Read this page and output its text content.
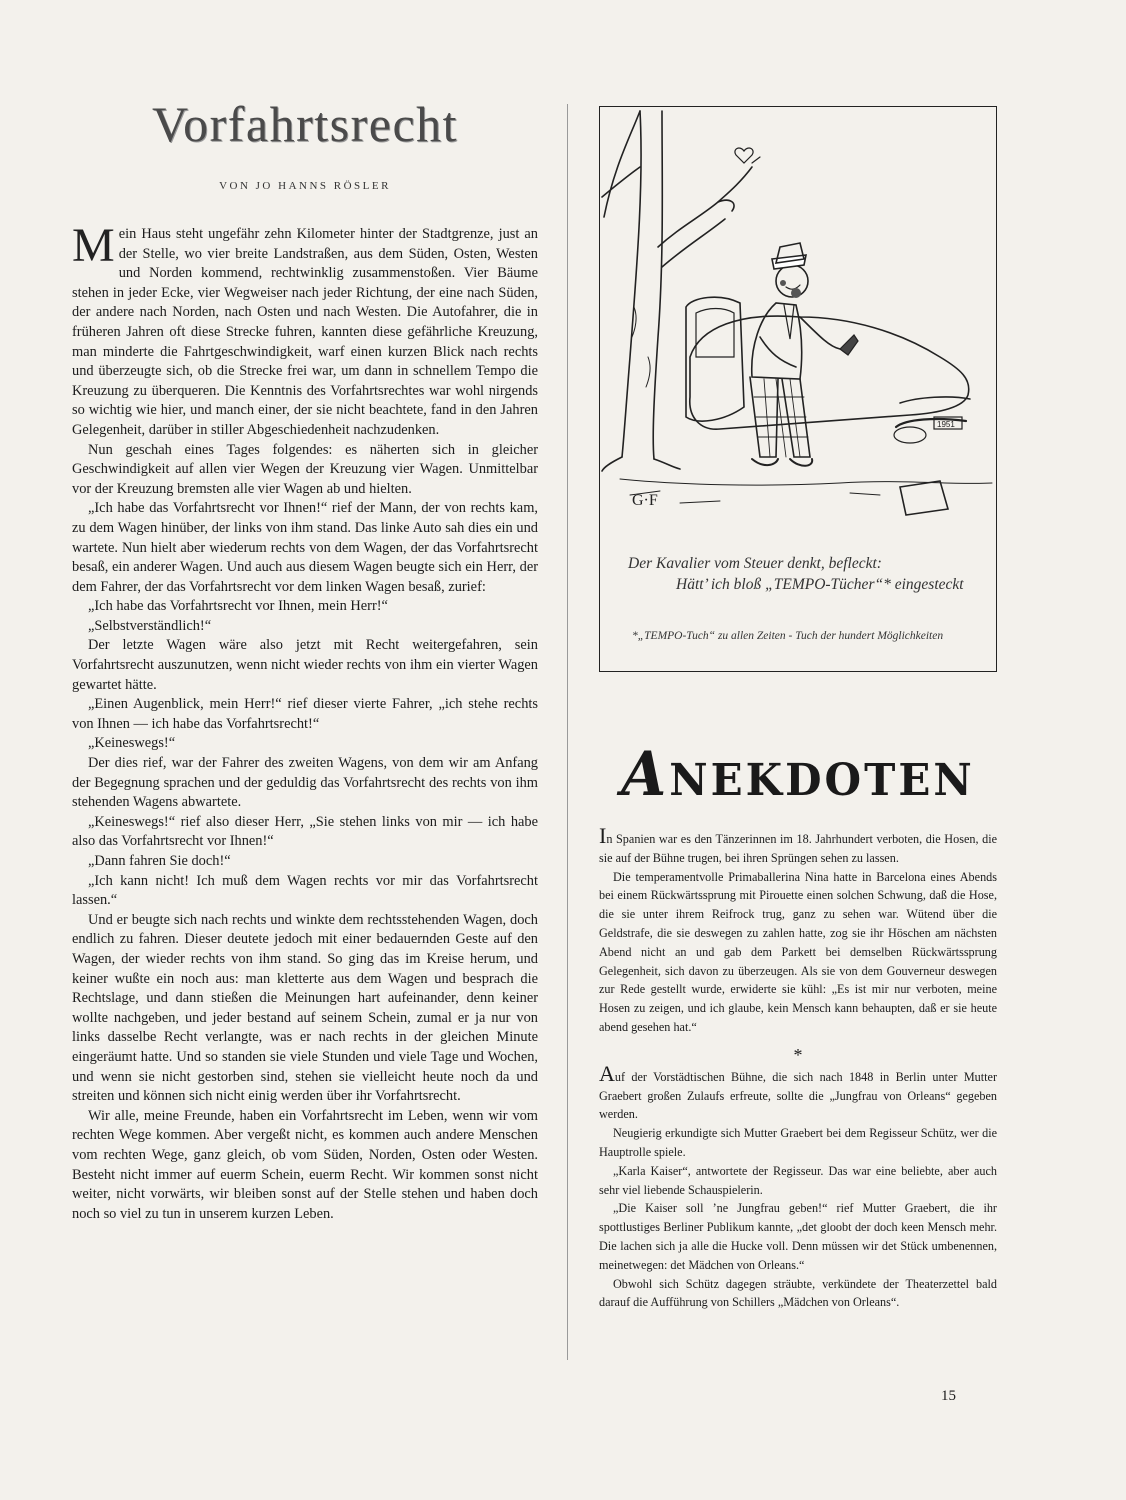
Vorfahrtsrecht
VON JO HANNS RÖSLER

Mein Haus steht ungefähr zehn Kilometer hinter der Stadtgrenze, just an der Stelle, wo vier breite Landstraßen, aus dem Süden, Osten, Westen und Norden kommend, rechtwinklig zusammenstoßen. Vier Bäume stehen in jeder Ecke, vier Wegweiser nach jeder Richtung, der eine nach Süden, der andere nach Norden, nach Osten und nach Westen. Die Autofahrer, die in früheren Jahren oft diese Strecke fuhren, kannten diese gefährliche Kreuzung, man minderte die Fahrtgeschwindigkeit, warf einen kurzen Blick nach rechts und überzeugte sich, ob die Strecke frei war, um dann in schnellem Tempo die Kreuzung zu überqueren. Die Kenntnis des Vorfahrtsrechtes war wohl nirgends so wichtig wie hier, und manch einer, der sie nicht beachtete, fand in den Jahren Gelegenheit, darüber in stiller Abgeschiedenheit nachzudenken.

Nun geschah eines Tages folgendes: es näherten sich in gleicher Geschwindigkeit auf allen vier Wegen der Kreuzung vier Wagen. Unmittelbar vor der Kreuzung bremsten alle vier Wagen ab und hielten.

„Ich habe das Vorfahrtsrecht vor Ihnen!“ rief der Mann, der von rechts kam, zu dem Wagen hinüber, der links von ihm stand. Das linke Auto sah dies ein und wartete. Nun hielt aber wiederum rechts von dem Wagen, der das Vorfahrtsrecht besaß, ein anderer Wagen. Und auch aus diesem Wagen beugte sich ein Herr, der dem Fahrer, der das Vorfahrtsrecht vor dem linken Wagen besaß, zurief:

„Ich habe das Vorfahrtsrecht vor Ihnen, mein Herr!“

„Selbstverständlich!“

Der letzte Wagen wäre also jetzt mit Recht weitergefahren, sein Vorfahrtsrecht auszunutzen, wenn nicht wieder rechts von ihm ein vierter Wagen gewartet hätte.

„Einen Augenblick, mein Herr!“ rief dieser vierte Fahrer, „ich stehe rechts von Ihnen — ich habe das Vorfahrtsrecht!“

„Keineswegs!“

Der dies rief, war der Fahrer des zweiten Wagens, von dem wir am Anfang der Begegnung sprachen und der geduldig das Vorfahrtsrecht des rechts von ihm stehenden Wagens abwartete.

„Keineswegs!“ rief also dieser Herr, „Sie stehen links von mir — ich habe also das Vorfahrtsrecht vor Ihnen!“

„Dann fahren Sie doch!“

„Ich kann nicht! Ich muß dem Wagen rechts vor mir das Vorfahrtsrecht lassen.“

Und er beugte sich nach rechts und winkte dem rechtsstehenden Wagen, doch endlich zu fahren. Dieser deutete jedoch mit einer bedauernden Geste auf den Wagen, der wieder rechts von ihm stand. So ging das im Kreise herum, und keiner wußte ein noch aus: man kletterte aus dem Wagen und besprach die Rechtslage, und dann stießen die Meinungen hart aufeinander, denn keiner wollte nachgeben, und jeder bestand auf seinem Schein, zumal er ja nur von links dasselbe Recht verlangte, was er nach rechts in der gleichen Minute eingeräumt hatte. Und so standen sie viele Stunden und viele Tage und Wochen, und wenn sie nicht gestorben sind, stehen sie vielleicht heute noch da und streiten und können sich nicht einig werden über ihr Vorfahrtsrecht.

Wir alle, meine Freunde, haben ein Vorfahrtsrecht im Leben, wenn wir vom rechten Wege kommen. Aber vergeßt nicht, es kommen auch andere Menschen vom rechten Wege, ganz gleich, ob vom Süden, Norden, Osten oder Westen. Besteht nicht immer auf euerm Schein, euerm Recht. Wir kommen sonst nicht weiter, nicht vorwärts, wir bleiben sonst auf der Stelle stehen und haben doch noch so viel zu tun in unserem kurzen Leben.

1951
G·F
Der Kavalier vom Steuer denkt, befleckt:
Hätt’ ich bloß „TEMPO-Tücher“* eingesteckt
*„TEMPO-Tuch“ zu allen Zeiten - Tuch der hundert Möglichkeiten
ANEKDOTEN

In Spanien war es den Tänzerinnen im 18. Jahrhundert verboten, die Hosen, die sie auf der Bühne trugen, bei ihren Sprüngen sehen zu lassen.

Die temperamentvolle Primaballerina Nina hatte in Barcelona eines Abends bei einem Rückwärtssprung mit Pirouette einen solchen Schwung, daß die Hose, die sie unter ihrem Reifrock trug, ganz zu sehen war. Wütend über die Geldstrafe, die sie deswegen zu zahlen hatte, zog sie ihr Höschen am nächsten Abend nicht an und gab dem Parkett bei demselben Rückwärtssprung Gelegenheit, sich davon zu überzeugen. Als sie von dem Gouverneur deswegen zur Rede gestellt wurde, erwiderte sie kühl: „Es ist mir nur verboten, meine Hosen zu zeigen, und ich glaube, kein Mensch kann behaupten, daß er sie heute abend gesehen hat.“

*

Auf der Vorstädtischen Bühne, die sich nach 1848 in Berlin unter Mutter Graebert großen Zulaufs erfreute, sollte die „Jungfrau von Orleans“ gegeben werden.

Neugierig erkundigte sich Mutter Graebert bei dem Regisseur Schütz, wer die Hauptrolle spiele.

„Karla Kaiser“, antwortete der Regisseur. Das war eine beliebte, aber auch sehr viel liebende Schauspielerin.

„Die Kaiser soll ’ne Jungfrau geben!“ rief Mutter Graebert, die ihr spottlustiges Berliner Publikum kannte, „det gloobt der doch keen Mensch mehr. Die lachen sich ja alle die Hucke voll. Denn müssen wir det Stück umbenennen, meinetwegen: det Mädchen von Orleans.“

Obwohl sich Schütz dagegen sträubte, verkündete der Theaterzettel bald darauf die Aufführung von Schillers „Mädchen von Orleans“.

15
